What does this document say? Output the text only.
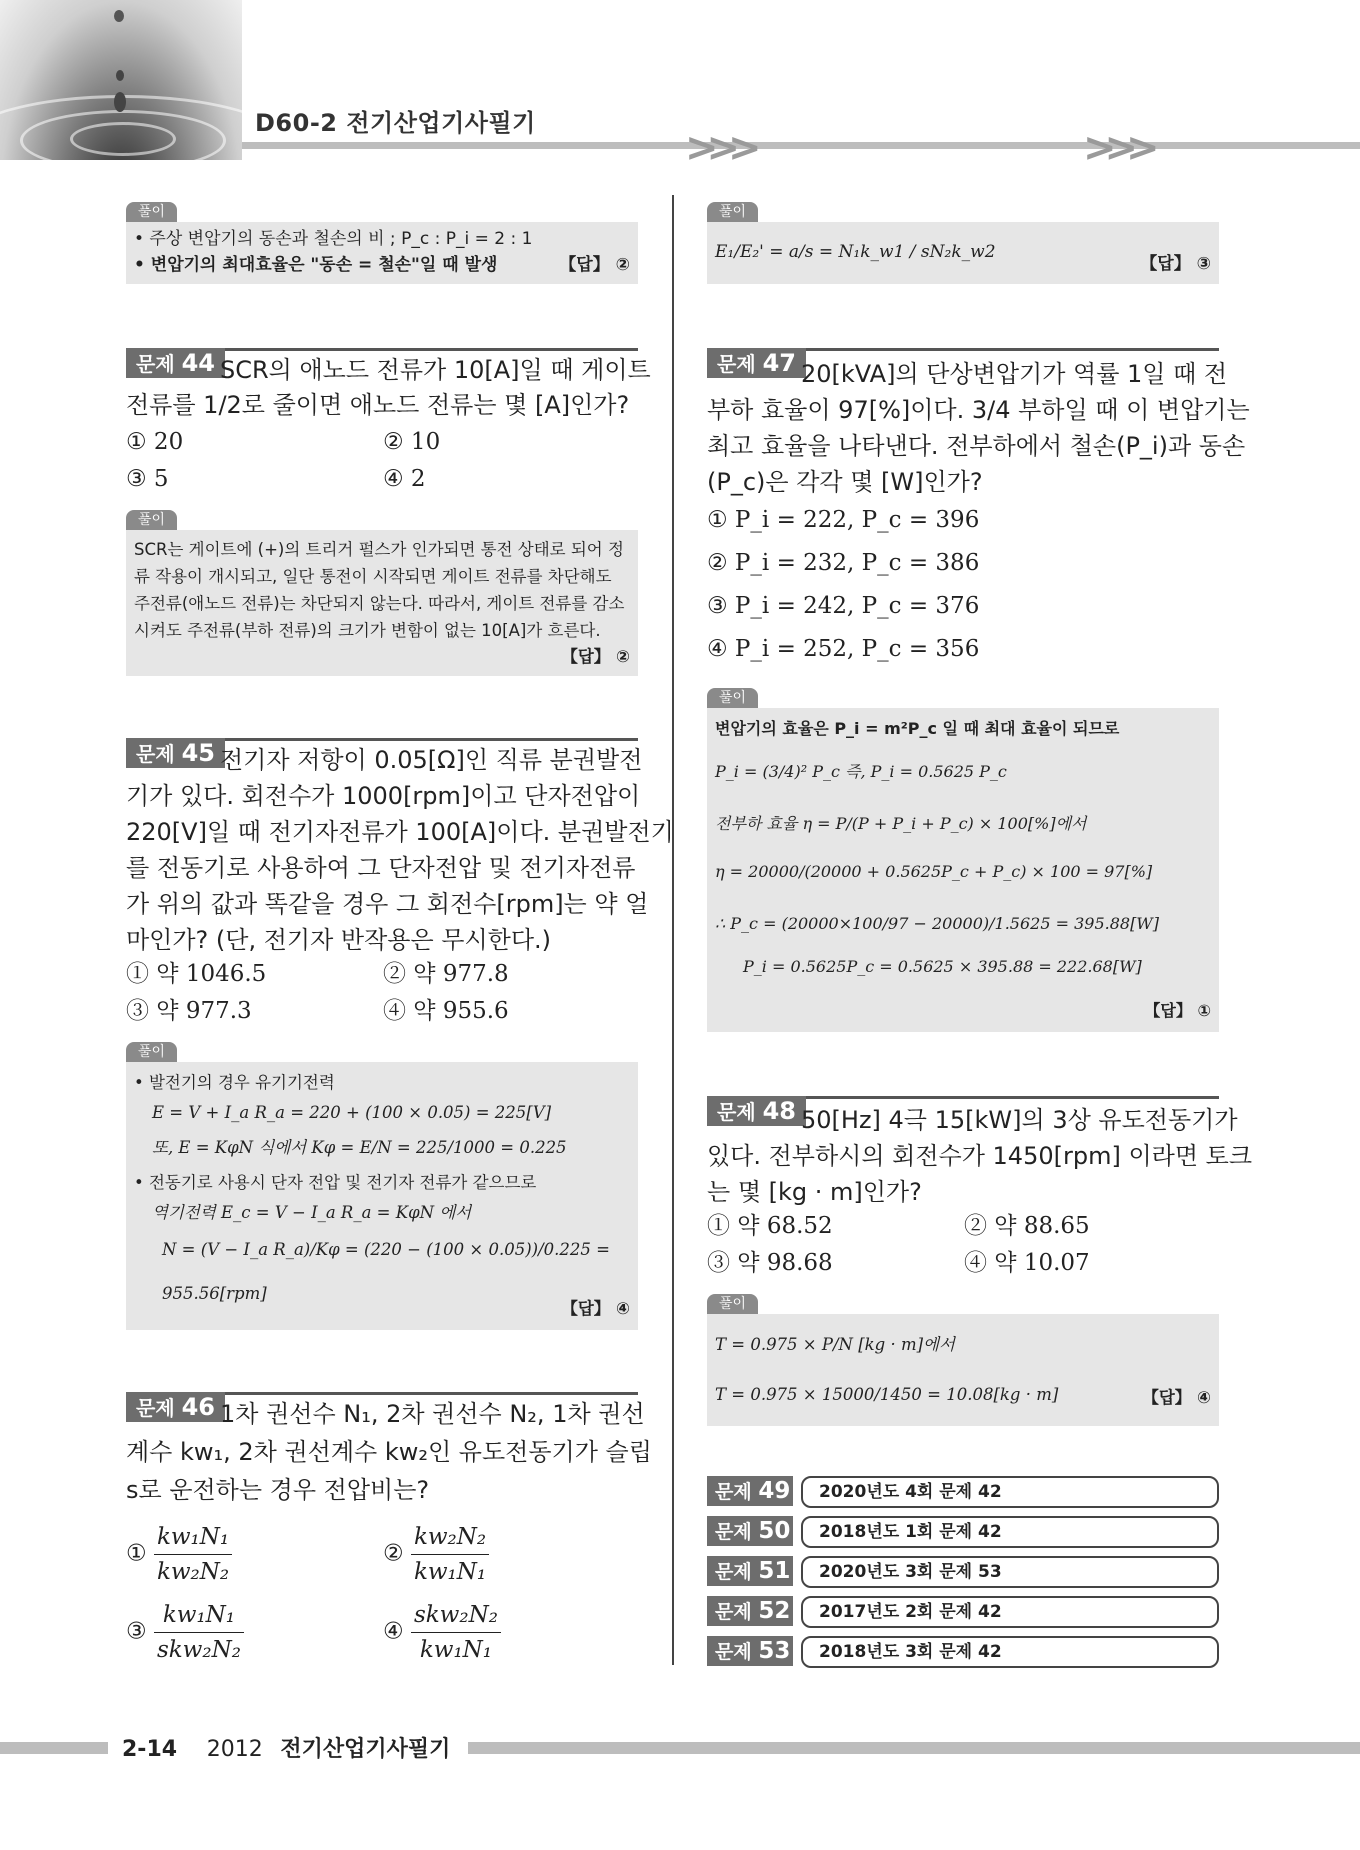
D60-2 전기산업기사필기
>>>	>>>
풀이
• 주상 변압기의 동손과 철손의 비 ; P_c : P_i = 2 : 1
• 변압기의 최대효율은 "동손 = 철손"일 때 발생	【답】 ②
문제 44 SCR의 애노드 전류가 10[A]일 때 게이트
전류를 1/2로 줄이면 애노드 전류는 몇 [A]인가?
① 20	② 10
③ 5	④ 2
풀이
SCR는 게이트에 (+)의 트리거 펄스가 인가되면 통전 상태로 되어 정류 작용이 개시되고, 일단 통전이 시작되면 게이트 전류를 차단해도 주전류(애노드 전류)는 차단되지 않는다. 따라서, 게이트 전류를 감소시켜도 주전류(부하 전류)의 크기가 변함이 없는 10[A]가 흐른다.
【답】 ②
문제 45 전기자 저항이 0.05[Ω]인 직류 분권발전
기가 있다. 회전수가 1000[rpm]이고 단자전압이
220[V]일 때 전기자전류가 100[A]이다. 분권발전기
를 전동기로 사용하여 그 단자전압 및 전기자전류
가 위의 값과 똑같을 경우 그 회전수[rpm]는 약 얼
마인가? (단, 전기자 반작용은 무시한다.)
① 약 1046.5	② 약 977.8
③ 약 977.3	④ 약 955.6
풀이
• 발전기의 경우 유기기전력
E = V + I_a R_a = 220 + (100 × 0.05) = 225[V]
또, E = KφN 식에서 Kφ = E/N = 225/1000 = 0.225
• 전동기로 사용시 단자 전압 및 전기자 전류가 같으므로
역기전력 E_c = V − I_a R_a = KφN 에서
N = (V − I_a R_a)/Kφ = (220 − (100 × 0.05))/0.225 = 955.56[rpm]
【답】 ④
문제 46 1차 권선수 N₁, 2차 권선수 N₂, 1차 권선
계수 kw₁, 2차 권선계수 kw₂인 유도전동기가 슬립
s로 운전하는 경우 전압비는?
① $\frac{\text{kw₁N₁}}{\text{kw₂N₂}}$	② $\frac{\text{kw₂N₂}}{\text{kw₁N₁}}$
③ $\frac{\text{kw₁N₁}}{\text{skw₂N₂}}$	④ $\frac{\text{skw₂N₂}}{\text{kw₁N₁}}$
풀이
E₁/E₂' = a/s = N₁k_w1 / sN₂k_w2
【답】 ③
문제 47 20[kVA]의 단상변압기가 역률 1일 때 전
부하 효율이 97[%]이다. 3/4 부하일 때 이 변압기는
최고 효율을 나타낸다. 전부하에서 철손(P_i)과 동손
(P_c)은 각각 몇 [W]인가?
① P_i = 222, P_c = 396
② P_i = 232, P_c = 386
③ P_i = 242, P_c = 376
④ P_i = 252, P_c = 356
풀이
변압기의 효율은 P_i = m²P_c 일 때 최대 효율이 되므로
P_i = (3/4)² P_c 즉, P_i = 0.5625 P_c
전부하 효율 η = P/(P + P_i + P_c) × 100[%]에서
η = 20000/(20000 + 0.5625P_c + P_c) × 100 = 97[%]
∴ P_c = (20000×100/97 − 20000)/1.5625 = 395.88[W]
P_i = 0.5625P_c = 0.5625 × 395.88 = 222.68[W]
【답】 ①
문제 48 50[Hz] 4극 15[kW]의 3상 유도전동기가
있다. 전부하시의 회전수가 1450[rpm] 이라면 토크
는 몇 [kg · m]인가?
① 약 68.52	② 약 88.65
③ 약 98.68	④ 약 10.07
풀이
T = 0.975 × P/N [kg · m]에서
T = 0.975 × 15000/1450 = 10.08[kg · m]	【답】 ④
문제 49	2020년도 4회 문제 42
문제 50	2018년도 1회 문제 42
문제 51	2020년도 3회 문제 53
문제 52	2017년도 2회 문제 42
문제 53	2018년도 3회 문제 42
2-14 2012 전기산업기사필기
